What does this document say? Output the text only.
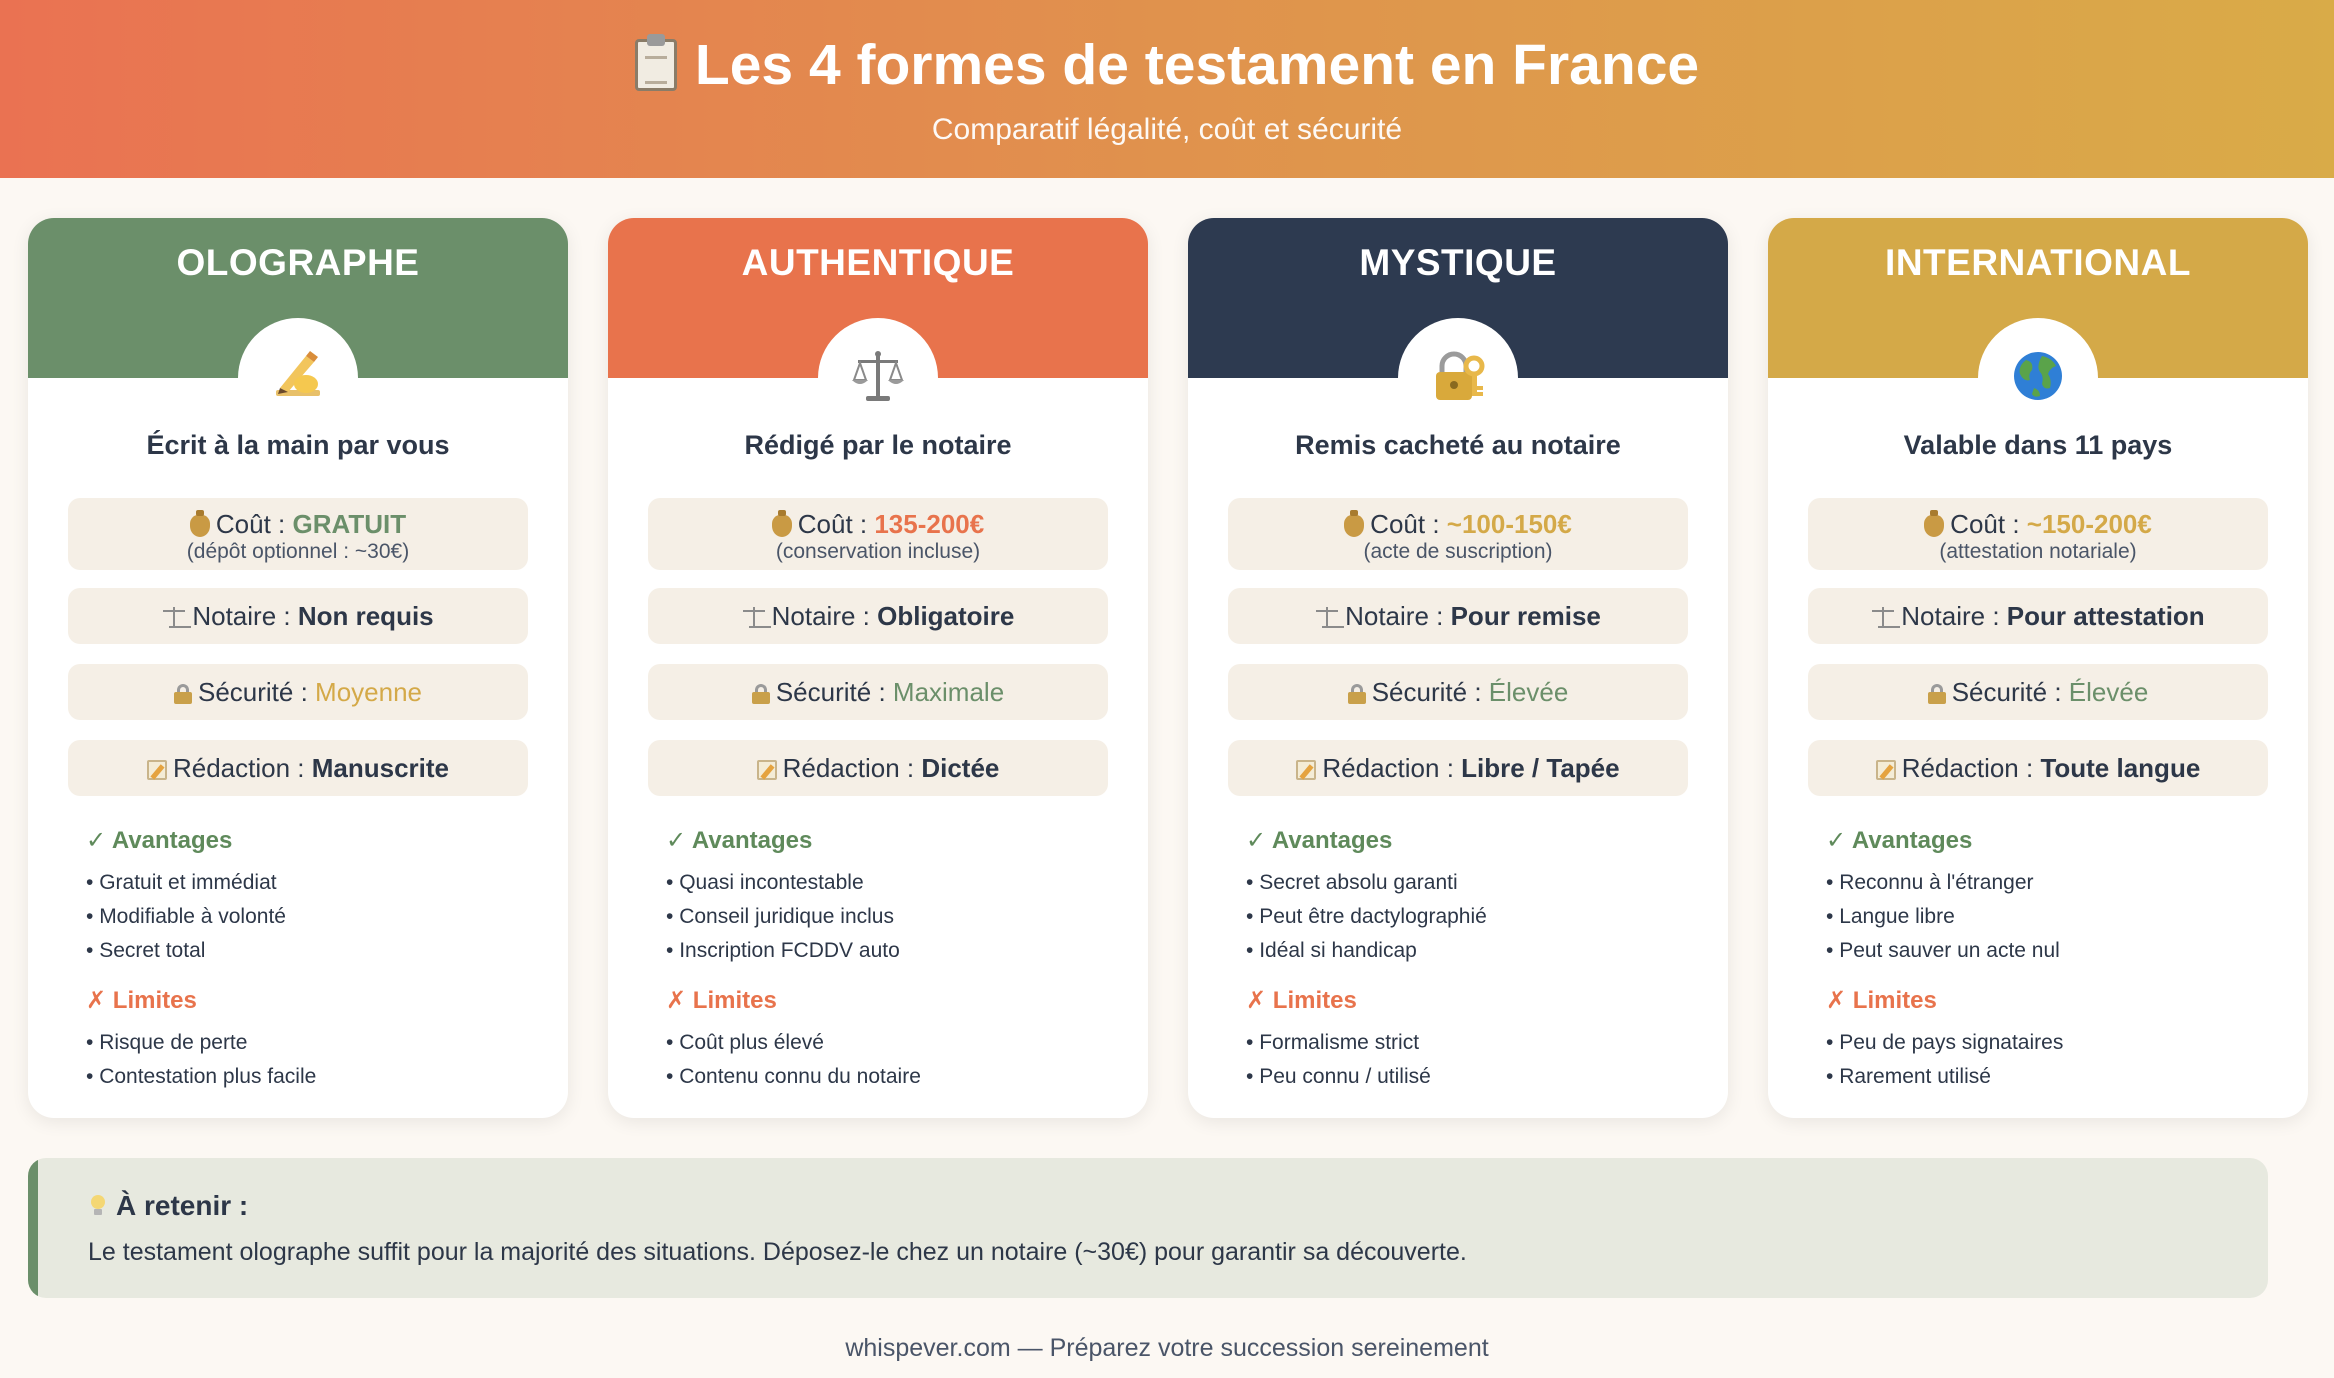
Les 4 formes de testament en France
Comparatif légalité, coût et sécurité
OLOGRAPHE
Écrit à la main par vous
Coût : GRATUIT
(dépôt optionnel : ~30€)
Notaire : Non requis
Sécurité : Moyenne
Rédaction : Manuscrite
✓ Avantages
• Gratuit et immédiat
• Modifiable à volonté
• Secret total
✗ Limites
• Risque de perte
• Contestation plus facile
AUTHENTIQUE
Rédigé par le notaire
Coût : 135-200€
(conservation incluse)
Notaire : Obligatoire
Sécurité : Maximale
Rédaction : Dictée
✓ Avantages
• Quasi incontestable
• Conseil juridique inclus
• Inscription FCDDV auto
✗ Limites
• Coût plus élevé
• Contenu connu du notaire
MYSTIQUE
Remis cacheté au notaire
Coût : ~100-150€
(acte de suscription)
Notaire : Pour remise
Sécurité : Élevée
Rédaction : Libre / Tapée
✓ Avantages
• Secret absolu garanti
• Peut être dactylographié
• Idéal si handicap
✗ Limites
• Formalisme strict
• Peu connu / utilisé
INTERNATIONAL
Valable dans 11 pays
Coût : ~150-200€
(attestation notariale)
Notaire : Pour attestation
Sécurité : Élevée
Rédaction : Toute langue
✓ Avantages
• Reconnu à l'étranger
• Langue libre
• Peut sauver un acte nul
✗ Limites
• Peu de pays signataires
• Rarement utilisé
À retenir :
Le testament olographe suffit pour la majorité des situations. Déposez-le chez un notaire (~30€) pour garantir sa découverte.
whispever.com — Préparez votre succession sereinement
